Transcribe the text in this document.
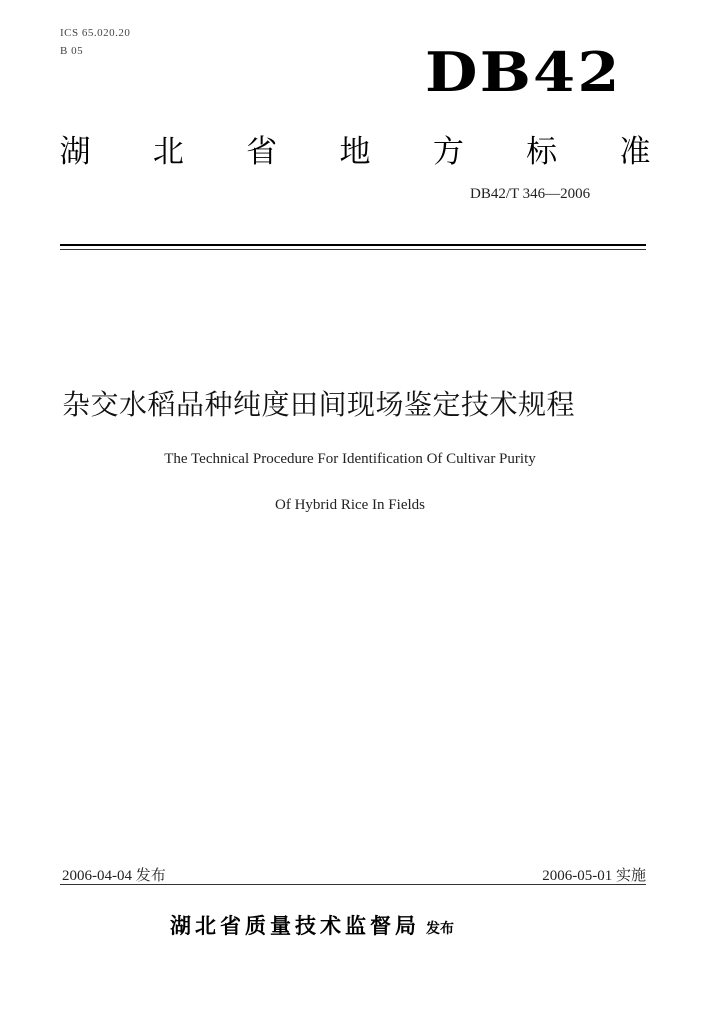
ICS 65.020.20
B 05	DB42
湖 北 省 地 方 标 准
DB42/T 346—2006
杂交水稻品种纯度田间现场鉴定技术规程
The Technical Procedure For Identification Of Cultivar Purity
Of Hybrid Rice In Fields
2006-04-04 发布	2006-05-01 实施
湖北省质量技术监督局 发布
